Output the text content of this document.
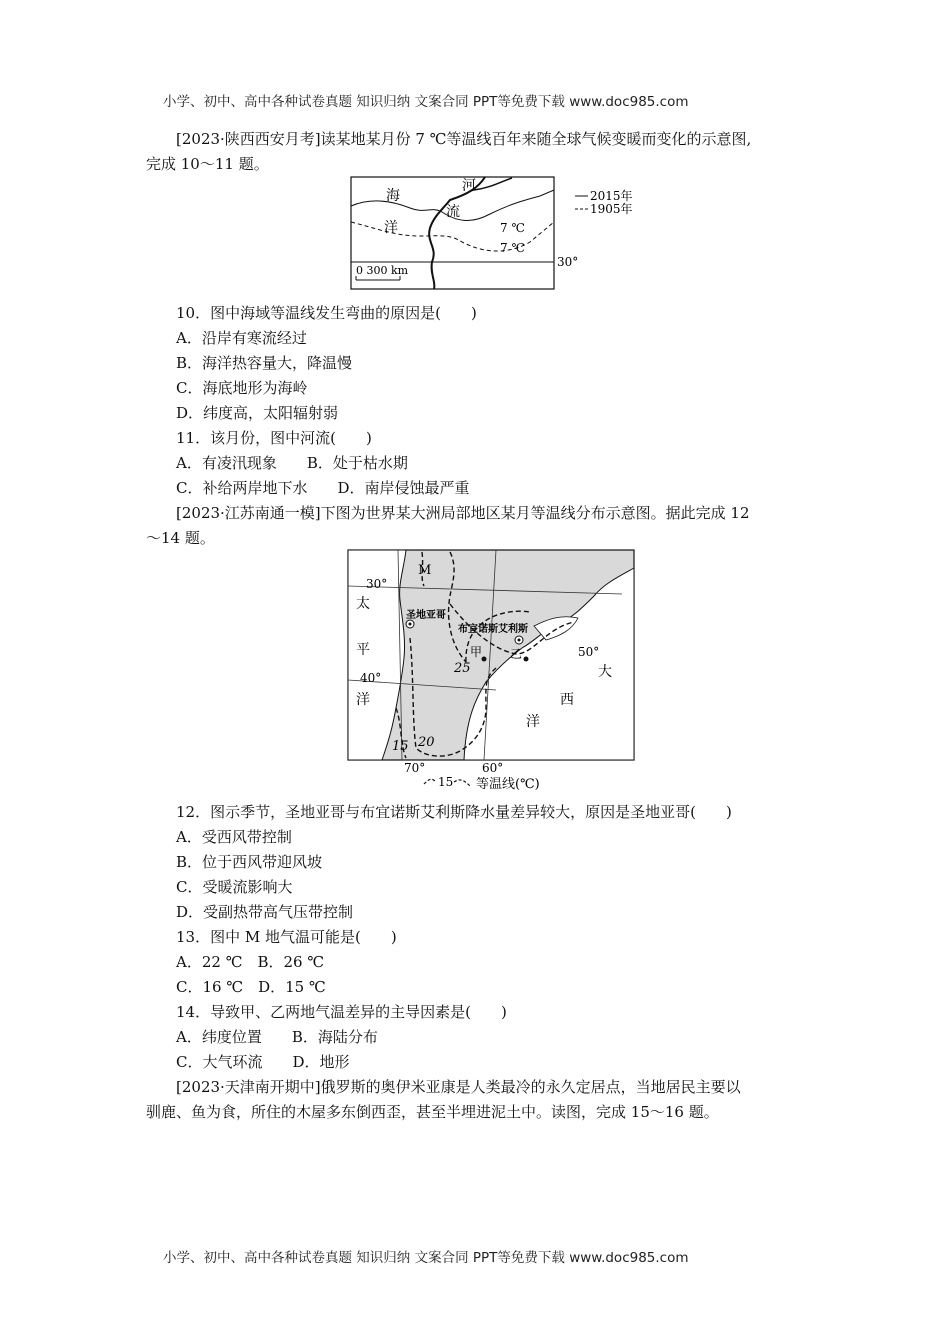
小学、初中、高中各种试卷真题 知识归纳 文案合同 PPT等免费下载 www.doc985.com
[2023·陕西西安月考]读某地某月份 7 ℃等温线百年来随全球气候变暖而变化的示意图,
完成 10～11 题。
海
洋
河
流
7 ℃
7 ℃
30°
0 300 km
2015年
1905年
10．图中海域等温线发生弯曲的原因是(　　)
A．沿岸有寒流经过
B．海洋热容量大，降温慢
C．海底地形为海岭
D．纬度高，太阳辐射弱
11．该月份，图中河流(　　)
A．有凌汛现象　　B．处于枯水期
C．补给两岸地下水　　D．南岸侵蚀最严重
[2023·江苏南通一模]下图为世界某大洲局部地区某月等温线分布示意图。据此完成 12
～14 题。
30°
40°
50°
70°	60°
太
平
洋
大
西
洋
M
圣地亚哥
布宜诺斯艾利斯
甲 乙
25
20
15
15 等温线(℃)
12．图示季节，圣地亚哥与布宜诺斯艾利斯降水量差异较大，原因是圣地亚哥(　　)
A．受西风带控制
B．位于西风带迎风坡
C．受暖流影响大
D．受副热带高气压带控制
13．图中 M 地气温可能是(　　)
A．22 ℃　B．26 ℃
C．16 ℃　D．15 ℃
14．导致甲、乙两地气温差异的主导因素是(　　)
A．纬度位置　　B．海陆分布
C．大气环流　　D．地形
[2023·天津南开期中]俄罗斯的奥伊米亚康是人类最冷的永久定居点，当地居民主要以
驯鹿、鱼为食，所住的木屋多东倒西歪，甚至半埋进泥土中。读图，完成 15～16 题。
小学、初中、高中各种试卷真题 知识归纳 文案合同 PPT等免费下载 www.doc985.com
